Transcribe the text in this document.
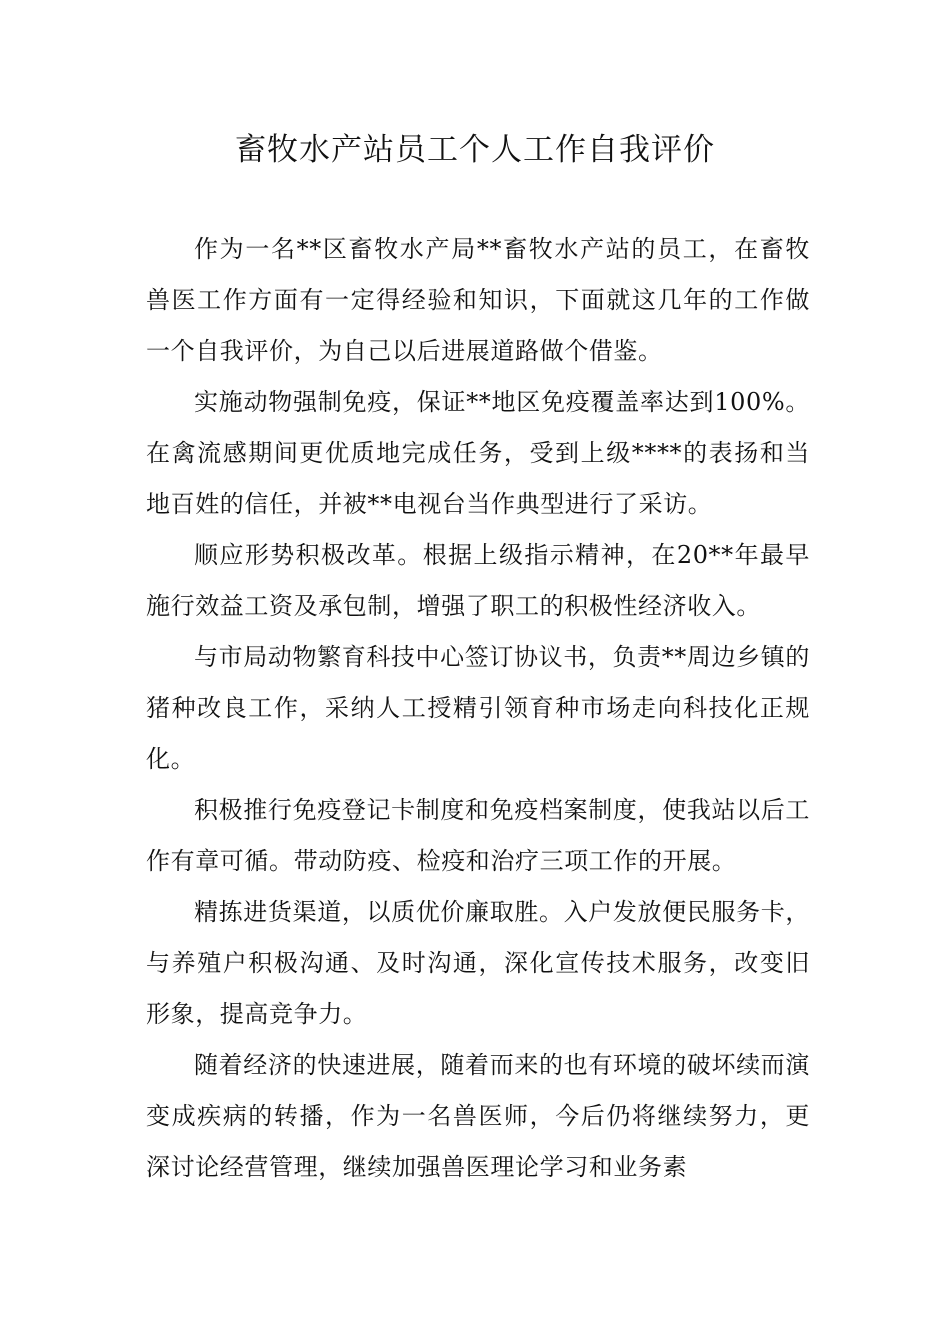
畜牧水产站员工个人工作自我评价

作为一名**区畜牧水产局**畜牧水产站的员工，在畜牧兽医工作方面有一定得经验和知识，下面就这几年的工作做一个自我评价，为自己以后进展道路做个借鉴。

实施动物强制免疫，保证**地区免疫覆盖率达到100%。在禽流感期间更优质地完成任务，受到上级****的表扬和当地百姓的信任，并被**电视台当作典型进行了采访。

顺应形势积极改革。根据上级指示精神，在20**年最早施行效益工资及承包制，增强了职工的积极性经济收入。

与市局动物繁育科技中心签订协议书，负责**周边乡镇的猪种改良工作，采纳人工授精引领育种市场走向科技化正规化。

积极推行免疫登记卡制度和免疫档案制度，使我站以后工作有章可循。带动防疫、检疫和治疗三项工作的开展。

精拣进货渠道，以质优价廉取胜。入户发放便民服务卡，与养殖户积极沟通、及时沟通，深化宣传技术服务，改变旧形象，提高竞争力。

随着经济的快速进展，随着而来的也有环境的破坏续而演变成疾病的转播，作为一名兽医师，今后仍将继续努力，更深讨论经营管理，继续加强兽医理论学习和业务素
